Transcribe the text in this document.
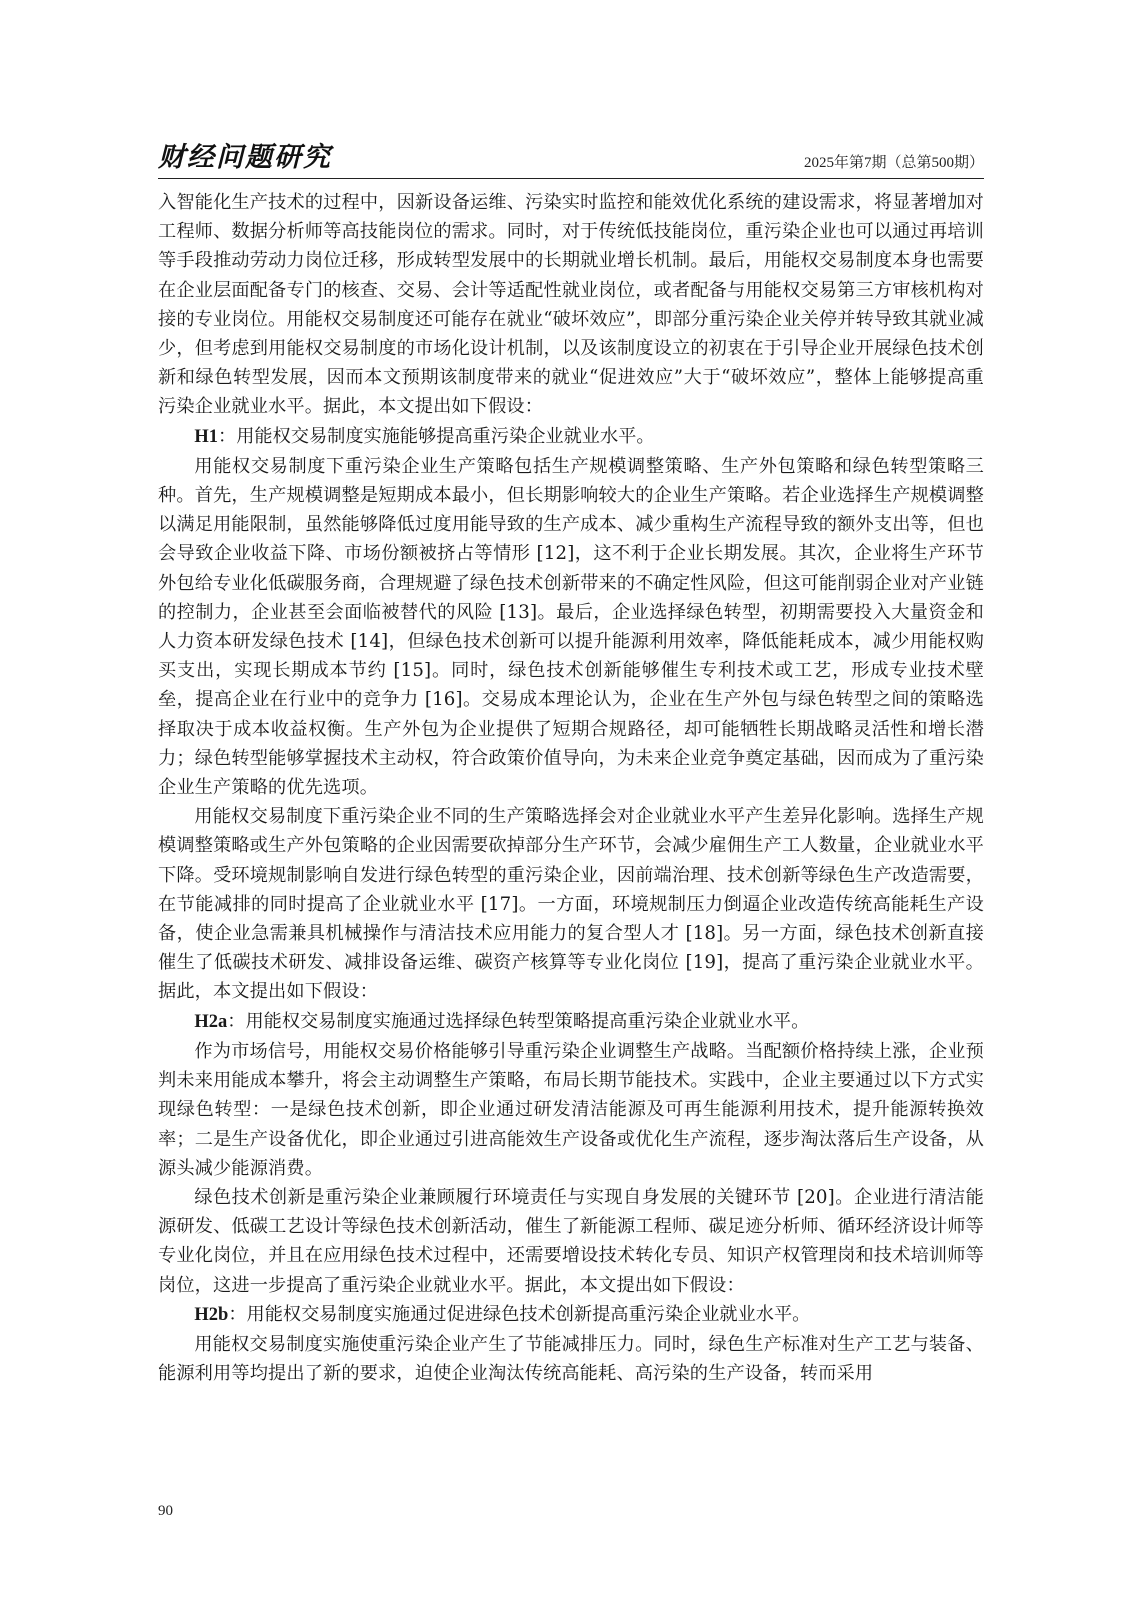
财经问题研究	2025年第7期（总第500期）

入智能化生产技术的过程中，因新设备运维、污染实时监控和能效优化系统的建设需求，将显著增加对工程师、数据分析师等高技能岗位的需求。同时，对于传统低技能岗位，重污染企业也可以通过再培训等手段推动劳动力岗位迁移，形成转型发展中的长期就业增长机制。最后，用能权交易制度本身也需要在企业层面配备专门的核查、交易、会计等适配性就业岗位，或者配备与用能权交易第三方审核机构对接的专业岗位。用能权交易制度还可能存在就业“破坏效应”，即部分重污染企业关停并转导致其就业减少，但考虑到用能权交易制度的市场化设计机制，以及该制度设立的初衷在于引导企业开展绿色技术创新和绿色转型发展，因而本文预期该制度带来的就业“促进效应”大于“破坏效应”，整体上能够提高重污染企业就业水平。据此，本文提出如下假设：

H1：用能权交易制度实施能够提高重污染企业就业水平。

用能权交易制度下重污染企业生产策略包括生产规模调整策略、生产外包策略和绿色转型策略三种。首先，生产规模调整是短期成本最小，但长期影响较大的企业生产策略。若企业选择生产规模调整以满足用能限制，虽然能够降低过度用能导致的生产成本、减少重构生产流程导致的额外支出等，但也会导致企业收益下降、市场份额被挤占等情形 [12]，这不利于企业长期发展。其次，企业将生产环节外包给专业化低碳服务商，合理规避了绿色技术创新带来的不确定性风险，但这可能削弱企业对产业链的控制力，企业甚至会面临被替代的风险 [13]。最后，企业选择绿色转型，初期需要投入大量资金和人力资本研发绿色技术 [14]，但绿色技术创新可以提升能源利用效率，降低能耗成本，减少用能权购买支出，实现长期成本节约 [15]。同时，绿色技术创新能够催生专利技术或工艺，形成专业技术壁垒，提高企业在行业中的竞争力 [16]。交易成本理论认为，企业在生产外包与绿色转型之间的策略选择取决于成本收益权衡。生产外包为企业提供了短期合规路径，却可能牺牲长期战略灵活性和增长潜力；绿色转型能够掌握技术主动权，符合政策价值导向，为未来企业竞争奠定基础，因而成为了重污染企业生产策略的优先选项。

用能权交易制度下重污染企业不同的生产策略选择会对企业就业水平产生差异化影响。选择生产规模调整策略或生产外包策略的企业因需要砍掉部分生产环节，会减少雇佣生产工人数量，企业就业水平下降。受环境规制影响自发进行绿色转型的重污染企业，因前端治理、技术创新等绿色生产改造需要，在节能减排的同时提高了企业就业水平 [17]。一方面，环境规制压力倒逼企业改造传统高能耗生产设备，使企业急需兼具机械操作与清洁技术应用能力的复合型人才 [18]。另一方面，绿色技术创新直接催生了低碳技术研发、减排设备运维、碳资产核算等专业化岗位 [19]，提高了重污染企业就业水平。据此，本文提出如下假设：

H2a：用能权交易制度实施通过选择绿色转型策略提高重污染企业就业水平。

作为市场信号，用能权交易价格能够引导重污染企业调整生产战略。当配额价格持续上涨，企业预判未来用能成本攀升，将会主动调整生产策略，布局长期节能技术。实践中，企业主要通过以下方式实现绿色转型：一是绿色技术创新，即企业通过研发清洁能源及可再生能源利用技术，提升能源转换效率；二是生产设备优化，即企业通过引进高能效生产设备或优化生产流程，逐步淘汰落后生产设备，从源头减少能源消费。

绿色技术创新是重污染企业兼顾履行环境责任与实现自身发展的关键环节 [20]。企业进行清洁能源研发、低碳工艺设计等绿色技术创新活动，催生了新能源工程师、碳足迹分析师、循环经济设计师等专业化岗位，并且在应用绿色技术过程中，还需要增设技术转化专员、知识产权管理岗和技术培训师等岗位，这进一步提高了重污染企业就业水平。据此，本文提出如下假设：

H2b：用能权交易制度实施通过促进绿色技术创新提高重污染企业就业水平。

用能权交易制度实施使重污染企业产生了节能减排压力。同时，绿色生产标准对生产工艺与装备、能源利用等均提出了新的要求，迫使企业淘汰传统高能耗、高污染的生产设备，转而采用

90
